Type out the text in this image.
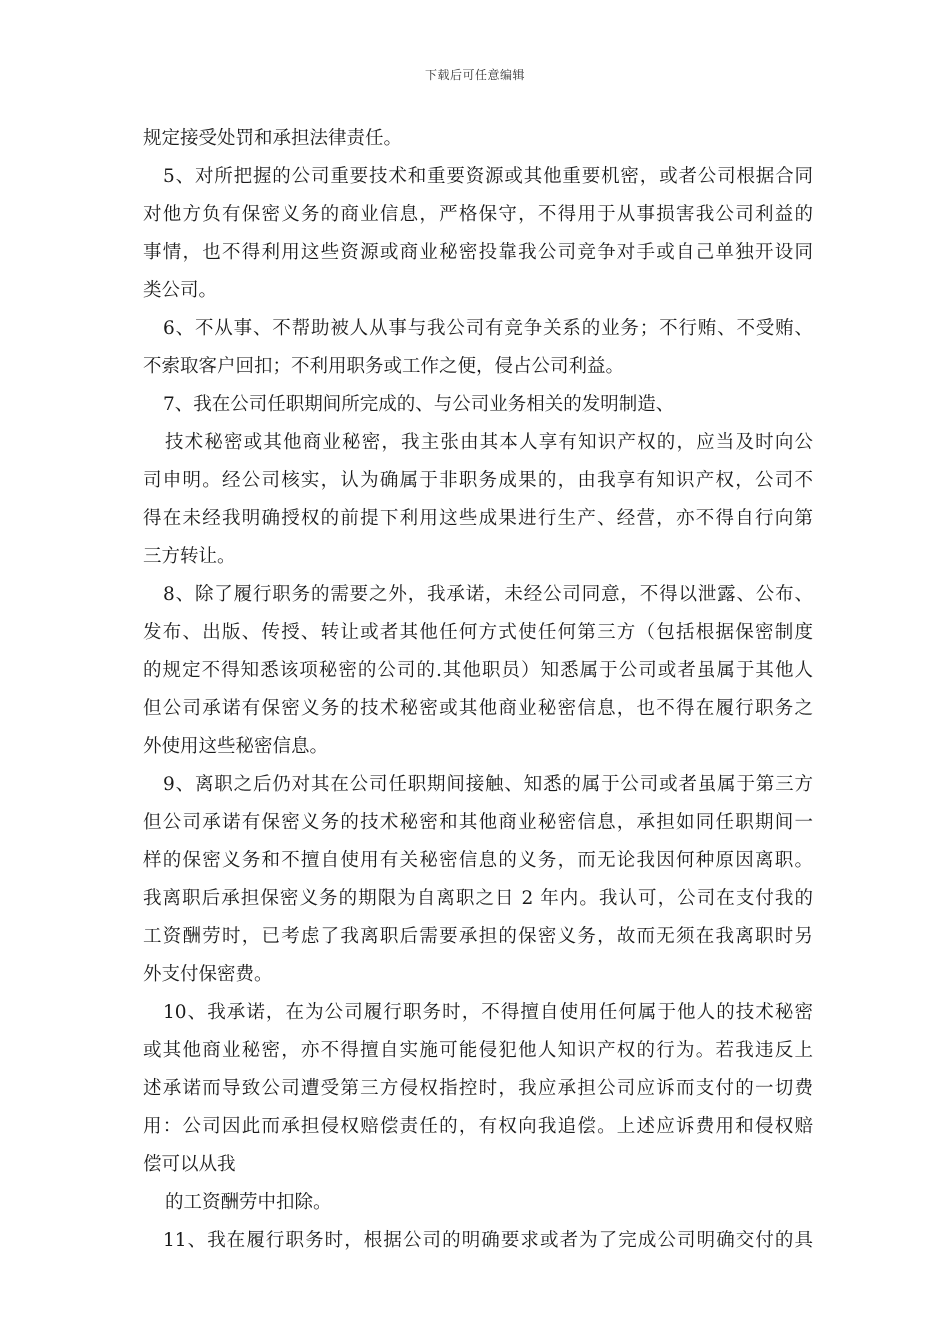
下载后可任意编辑
规定接受处罚和承担法律责任。
5、对所把握的公司重要技术和重要资源或其他重要机密，或者公司根据合同
对他方负有保密义务的商业信息，严格保守，不得用于从事损害我公司利益的
事情，也不得利用这些资源或商业秘密投靠我公司竞争对手或自己单独开设同
类公司。
6、不从事、不帮助被人从事与我公司有竞争关系的业务；不行贿、不受贿、
不索取客户回扣；不利用职务或工作之便，侵占公司利益。
7、我在公司任职期间所完成的、与公司业务相关的发明制造、
技术秘密或其他商业秘密，我主张由其本人享有知识产权的，应当及时向公
司申明。经公司核实，认为确属于非职务成果的，由我享有知识产权，公司不
得在未经我明确授权的前提下利用这些成果进行生产、经营，亦不得自行向第
三方转让。
8、除了履行职务的需要之外，我承诺，未经公司同意，不得以泄露、公布、
发布、出版、传授、转让或者其他任何方式使任何第三方（包括根据保密制度
的规定不得知悉该项秘密的公司的.其他职员）知悉属于公司或者虽属于其他人
但公司承诺有保密义务的技术秘密或其他商业秘密信息，也不得在履行职务之
外使用这些秘密信息。
9、离职之后仍对其在公司任职期间接触、知悉的属于公司或者虽属于第三方
但公司承诺有保密义务的技术秘密和其他商业秘密信息，承担如同任职期间一
样的保密义务和不擅自使用有关秘密信息的义务，而无论我因何种原因离职。
我离职后承担保密义务的期限为自离职之日 2 年内。我认可，公司在支付我的
工资酬劳时，已考虑了我离职后需要承担的保密义务，故而无须在我离职时另
外支付保密费。
10、我承诺，在为公司履行职务时，不得擅自使用任何属于他人的技术秘密
或其他商业秘密，亦不得擅自实施可能侵犯他人知识产权的行为。若我违反上
述承诺而导致公司遭受第三方侵权指控时，我应承担公司应诉而支付的一切费
用：公司因此而承担侵权赔偿责任的，有权向我追偿。上述应诉费用和侵权赔
偿可以从我
的工资酬劳中扣除。
11、我在履行职务时，根据公司的明确要求或者为了完成公司明确交付的具
